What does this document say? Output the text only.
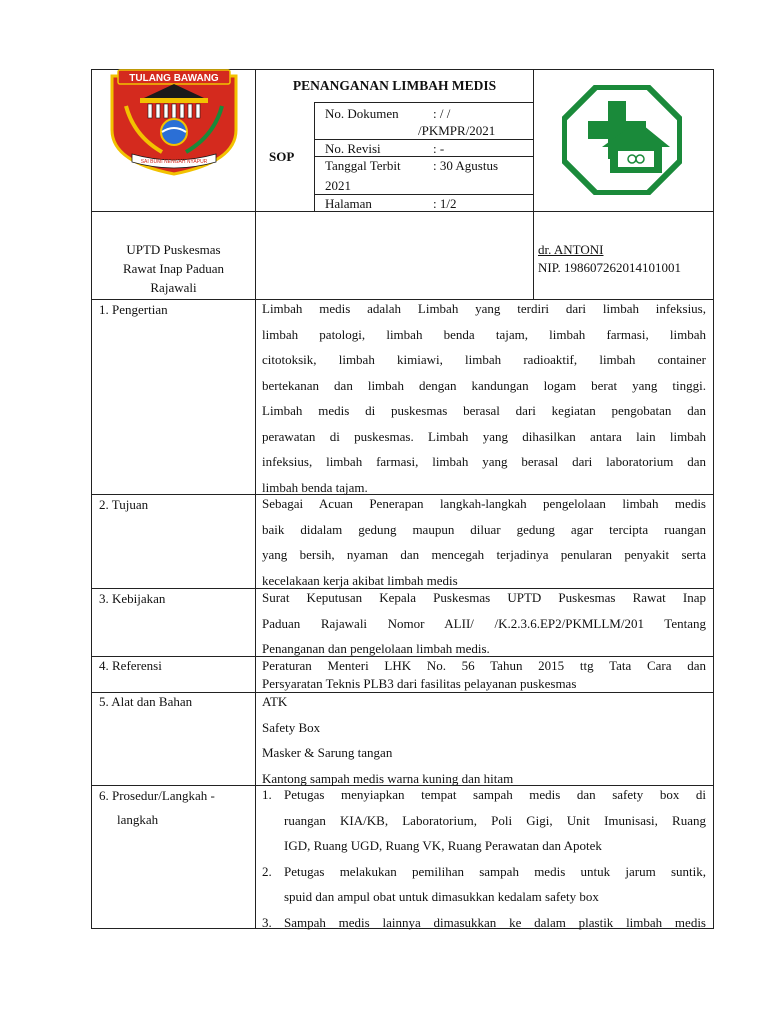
TULANG BAWANG
SAI BUMI NENGAH NYAPUR
PENANGANAN LIMBAH MEDIS
SOP
No. Dokumen	: / /
/PKMPR/2021
No. Revisi	: -
Tanggal Terbit : 30 Agustus
2021
Halaman	: 1/2
UPTD Puskesmas
Rawat Inap Paduan
Rajawali
dr. ANTONI
NIP. 198607262014101001
1. Pengertian	Limbah medis adalah Limbah yang terdiri dari limbah infeksius,
limbah patologi, limbah benda tajam, limbah farmasi, limbah
citotoksik, limbah kimiawi, limbah radioaktif, limbah container
bertekanan dan limbah dengan kandungan logam berat yang tinggi.
Limbah medis di puskesmas berasal dari kegiatan pengobatan dan
perawatan di puskesmas. Limbah yang dihasilkan antara lain limbah
infeksius, limbah farmasi, limbah yang berasal dari laboratorium dan
limbah benda tajam.
2. Tujuan	Sebagai Acuan Penerapan langkah-langkah pengelolaan limbah medis
baik didalam gedung maupun diluar gedung agar tercipta ruangan
yang bersih, nyaman dan mencegah terjadinya penularan penyakit serta
kecelakaan kerja akibat limbah medis
3. Kebijakan	Surat Keputusan Kepala Puskesmas UPTD Puskesmas Rawat Inap
Paduan Rajawali Nomor ALII/ /K.2.3.6.EP2/PKMLLM/201 Tentang
Penanganan dan pengelolaan limbah medis.
4. Referensi	Peraturan Menteri LHK No. 56 Tahun 2015 ttg Tata Cara dan
Persyaratan Teknis PLB3 dari fasilitas pelayanan puskesmas
5. Alat dan Bahan	ATK
Safety Box
Masker & Sarung tangan
Kantong sampah medis warna kuning dan hitam
6. Prosedur/Langkah -
langkah
1. Petugas menyiapkan tempat sampah medis dan safety box di
ruangan KIA/KB, Laboratorium, Poli Gigi, Unit Imunisasi, Ruang
IGD, Ruang UGD, Ruang VK, Ruang Perawatan dan Apotek
2. Petugas melakukan pemilihan sampah medis untuk jarum suntik,
spuid dan ampul obat untuk dimasukkan kedalam safety box
3. Sampah medis lainnya dimasukkan ke dalam plastik limbah medis
